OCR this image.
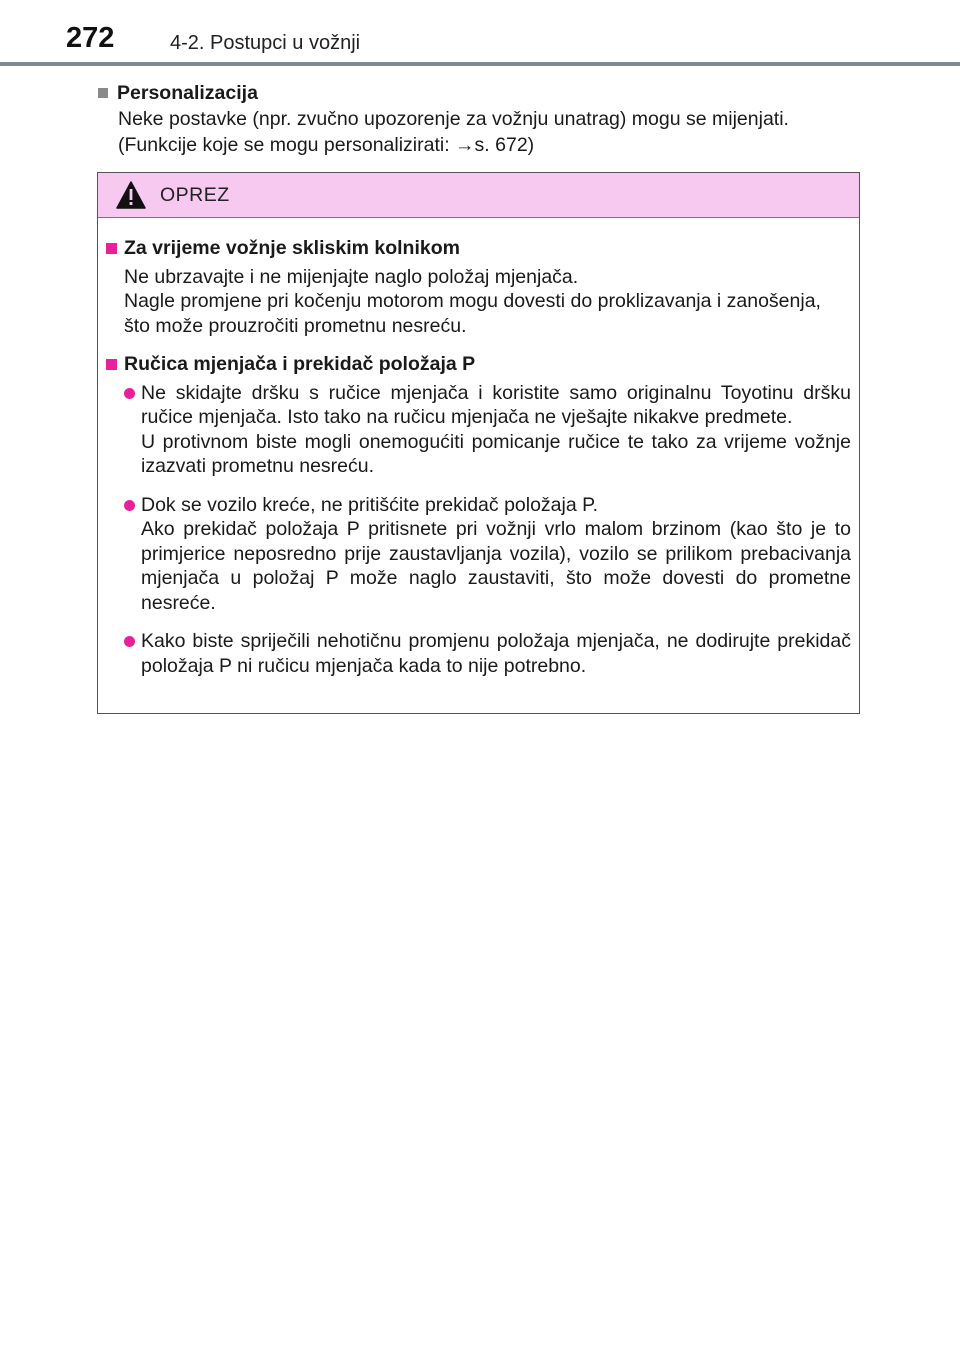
272	4-2. Postupci u vožnji
Personalizacija
Neke postavke (npr. zvučno upozorenje za vožnju unatrag) mogu se mijenjati.
(Funkcije koje se mogu personalizirati: →s. 672)
OPREZ
Za vrijeme vožnje skliskim kolnikom
Ne ubrzavajte i ne mijenjajte naglo položaj mjenjača.
Nagle promjene pri kočenju motorom mogu dovesti do proklizavanja i zanošenja, što može prouzročiti prometnu nesreću.
Ručica mjenjača i prekidač položaja P
Ne skidajte dršku s ručice mjenjača i koristite samo originalnu Toyotinu dršku ručice mjenjača. Isto tako na ručicu mjenjača ne vješajte nikakve predmete.
U protivnom biste mogli onemogućiti pomicanje ručice te tako za vrijeme vožnje izazvati prometnu nesreću.
Dok se vozilo kreće, ne pritišćite prekidač položaja P.
Ako prekidač položaja P pritisnete pri vožnji vrlo malom brzinom (kao što je to primjerice neposredno prije zaustavljanja vozila), vozilo se prilikom prebacivanja mjenjača u položaj P može naglo zaustaviti, što može dovesti do prometne nesreće.
Kako biste spriječili nehotičnu promjenu položaja mjenjača, ne dodirujte prekidač položaja P ni ručicu mjenjača kada to nije potrebno.
